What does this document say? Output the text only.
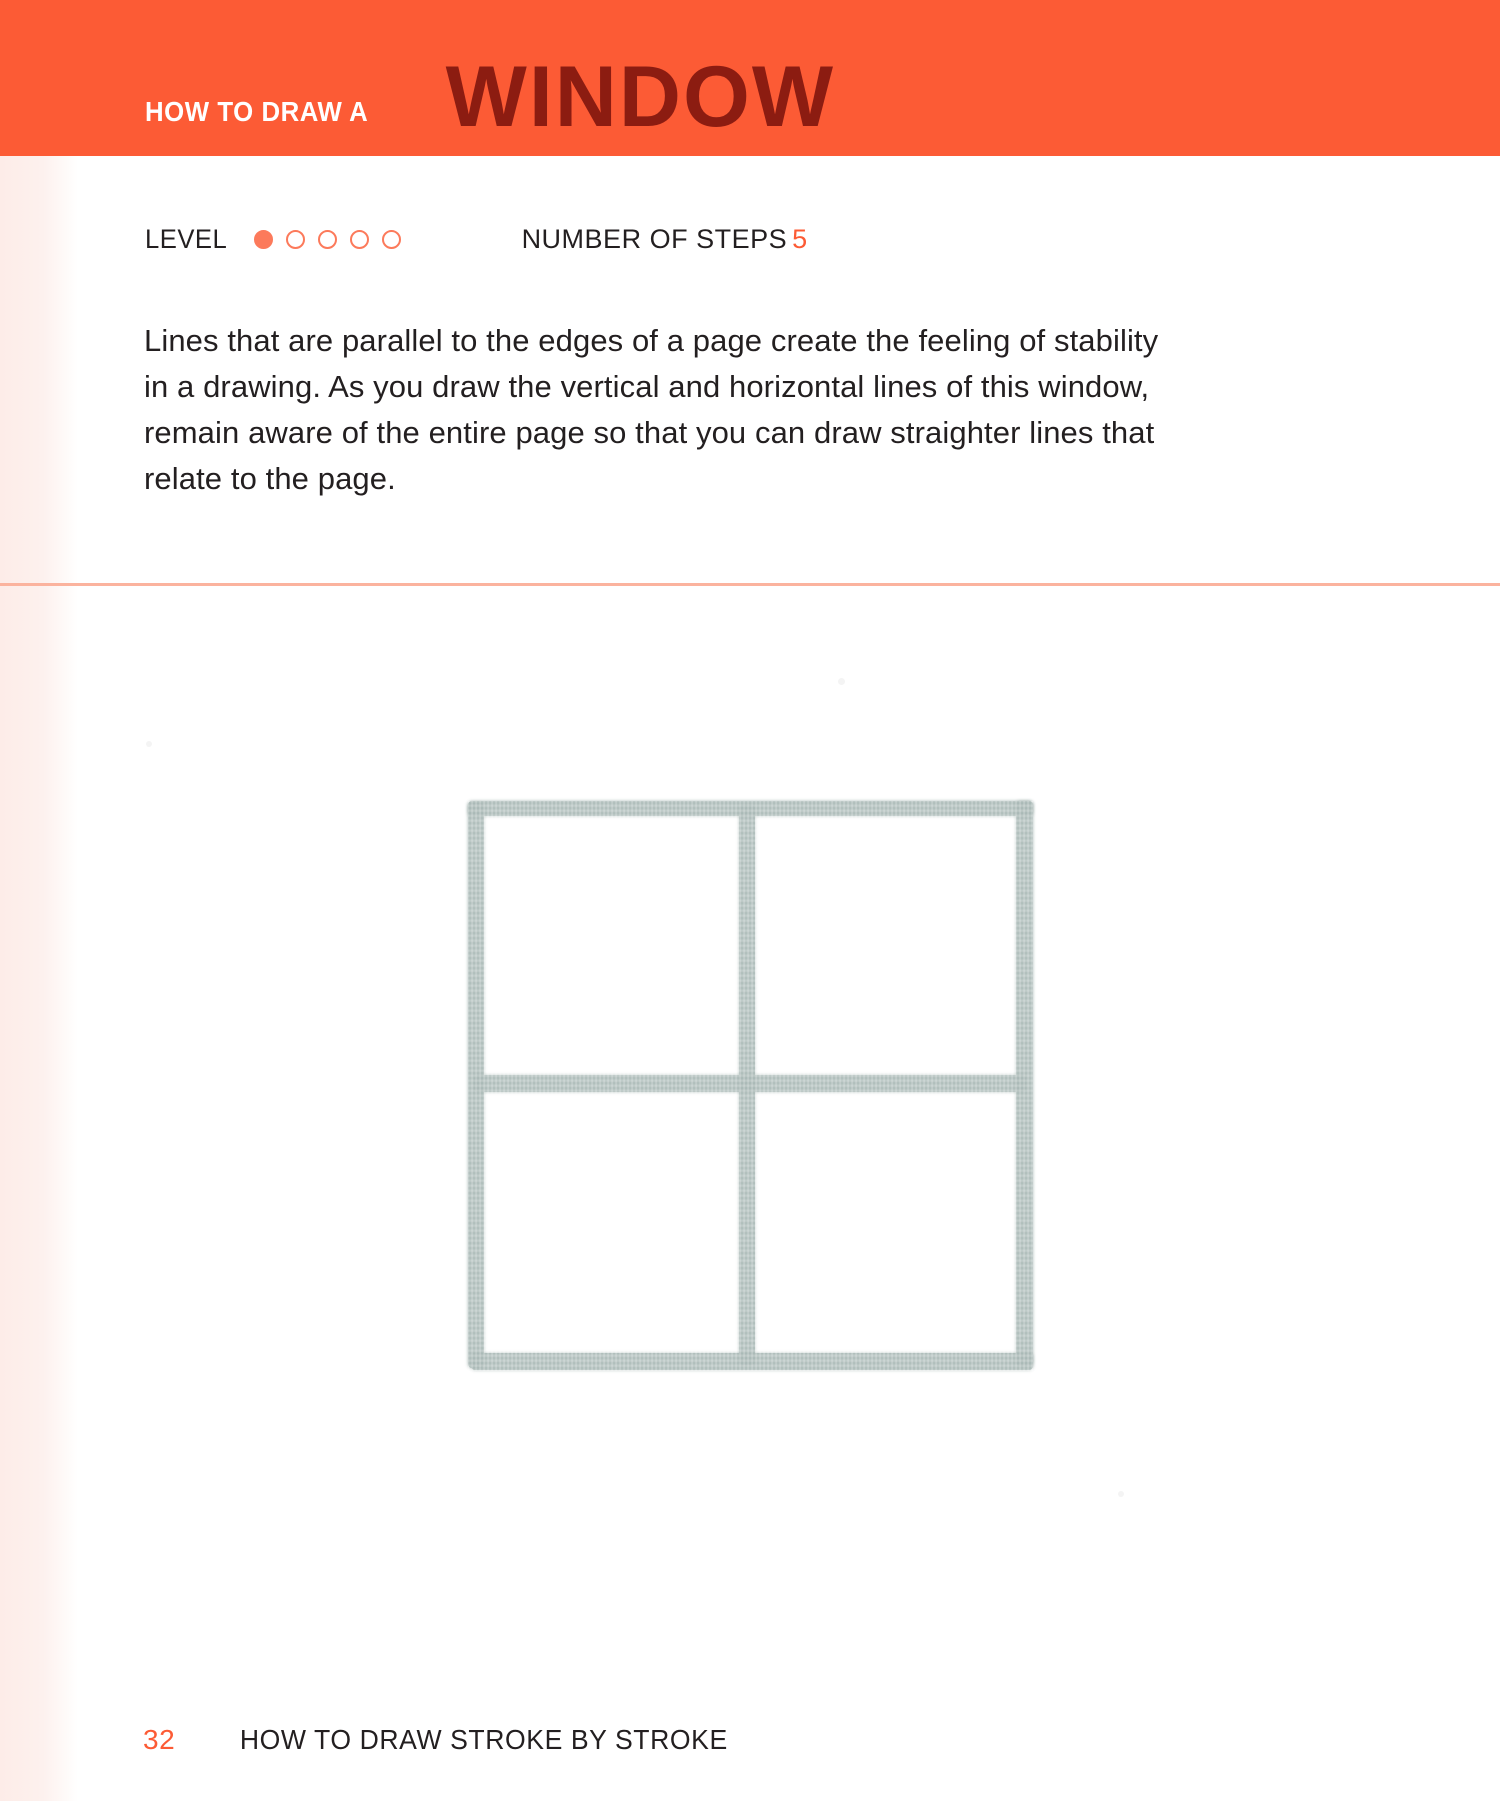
HOW TO DRAW A WINDOW
LEVEL	NUMBER OF STEPS 5
Lines that are parallel to the edges of a page create the feeling of stability in a drawing. As you draw the vertical and horizontal lines of this window, remain aware of the entire page so that you can draw straighter lines that relate to the page.
32 HOW TO DRAW STROKE BY STROKE
